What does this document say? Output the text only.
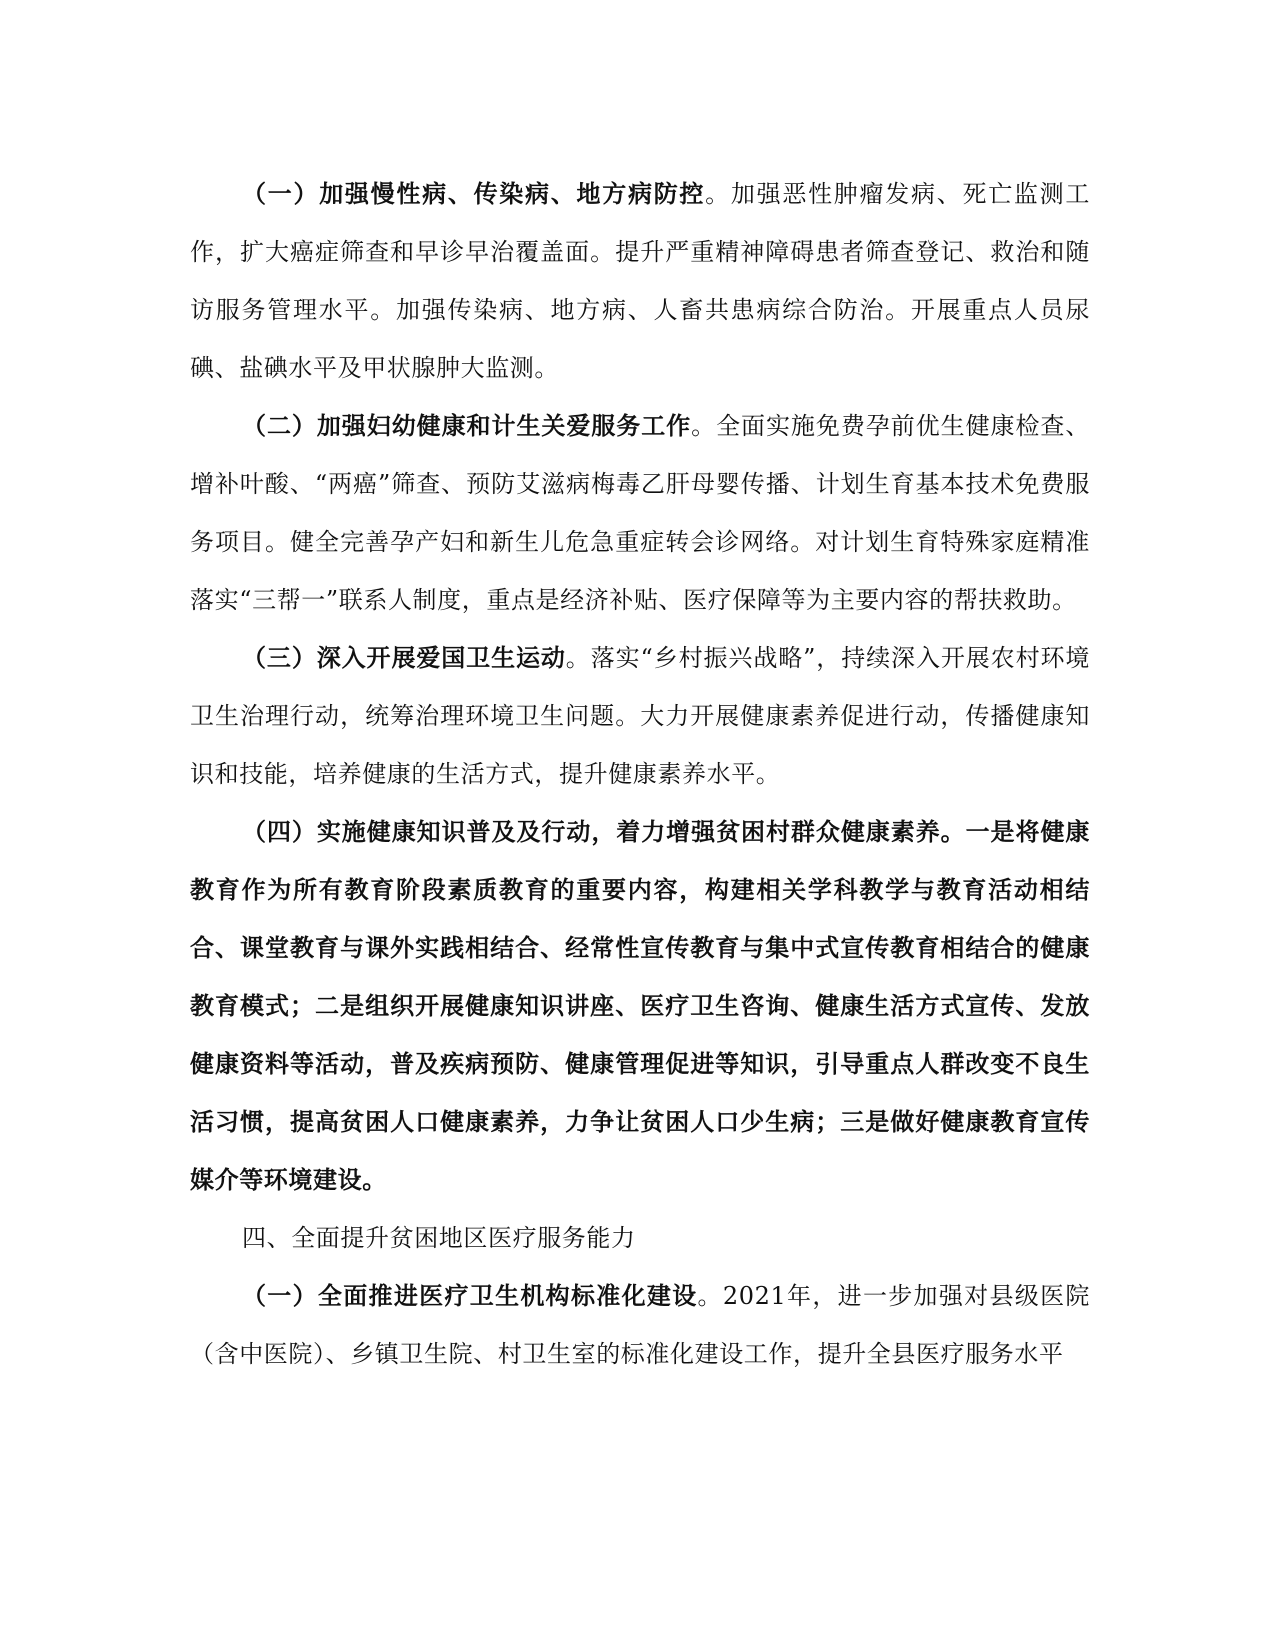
（一）加强慢性病、传染病、地方病防控。加强恶性肿瘤发病、死亡监测工作，扩大癌症筛查和早诊早治覆盖面。提升严重精神障碍患者筛查登记、救治和随访服务管理水平。加强传染病、地方病、人畜共患病综合防治。开展重点人员尿碘、盐碘水平及甲状腺肿大监测。

（二）加强妇幼健康和计生关爱服务工作。全面实施免费孕前优生健康检查、增补叶酸、“两癌”筛查、预防艾滋病梅毒乙肝母婴传播、计划生育基本技术免费服务项目。健全完善孕产妇和新生儿危急重症转会诊网络。对计划生育特殊家庭精准落实“三帮一”联系人制度，重点是经济补贴、医疗保障等为主要内容的帮扶救助。

（三）深入开展爱国卫生运动。落实“乡村振兴战略”，持续深入开展农村环境卫生治理行动，统筹治理环境卫生问题。大力开展健康素养促进行动，传播健康知识和技能，培养健康的生活方式，提升健康素养水平。

（四）实施健康知识普及及行动，着力增强贫困村群众健康素养。一是将健康教育作为所有教育阶段素质教育的重要内容，构建相关学科教学与教育活动相结合、课堂教育与课外实践相结合、经常性宣传教育与集中式宣传教育相结合的健康教育模式；二是组织开展健康知识讲座、医疗卫生咨询、健康生活方式宣传、发放健康资料等活动，普及疾病预防、健康管理促进等知识，引导重点人群改变不良生活习惯，提高贫困人口健康素养，力争让贫困人口少生病；三是做好健康教育宣传媒介等环境建设。

四、全面提升贫困地区医疗服务能力

（一）全面推进医疗卫生机构标准化建设。2021年，进一步加强对县级医院（含中医院）、乡镇卫生院、村卫生室的标准化建设工作，提升全县医疗服务水平
